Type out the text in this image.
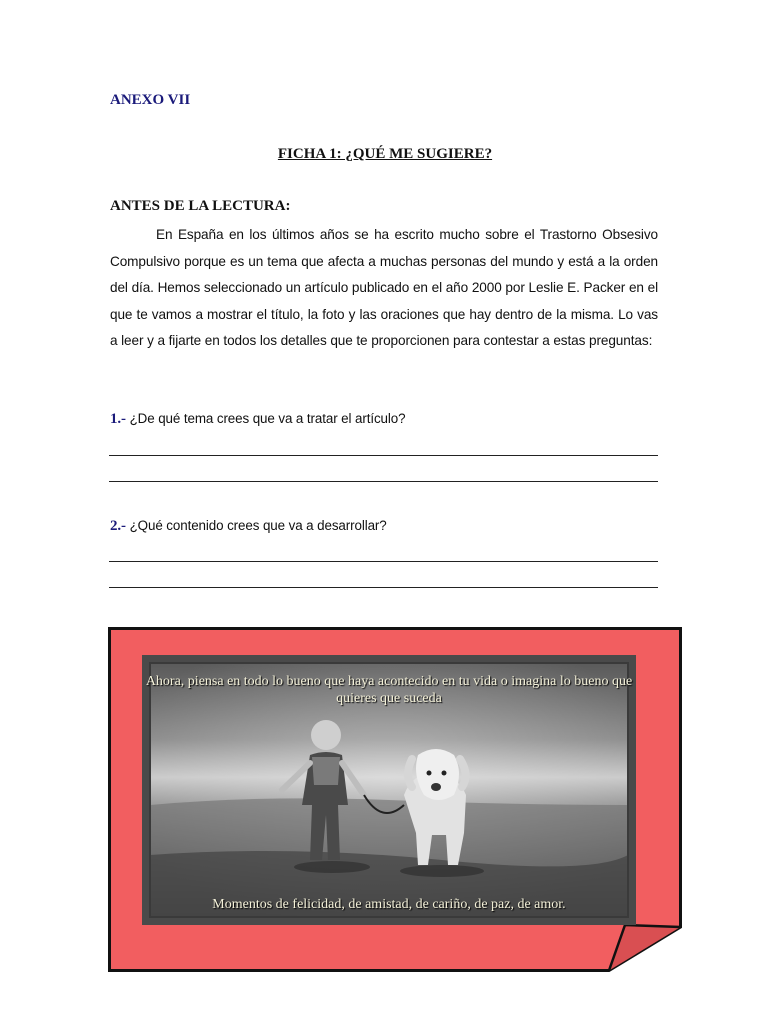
ANEXO VII

FICHA 1: ¿QUÉ ME SUGIERE?

ANTES DE LA LECTURA:

En España en los últimos años se ha escrito mucho sobre el Trastorno Obsesivo Compulsivo porque es un tema que afecta a muchas personas del mundo y está a la orden del día. Hemos seleccionado un artículo publicado en el año 2000 por Leslie E. Packer en el que te vamos a mostrar el título, la foto y las oraciones que hay dentro de la misma. Lo vas a leer y a fijarte en todos los detalles que te proporcionen para contestar a estas preguntas:

1.- ¿De qué tema crees que va a tratar el artículo?

2.- ¿Qué contenido crees que va a desarrollar?

Ahora, piensa en todo lo bueno que haya acontecido en tu vida o imagina lo bueno que quieres que suceda

Momentos de felicidad, de amistad, de cariño, de paz, de amor.
